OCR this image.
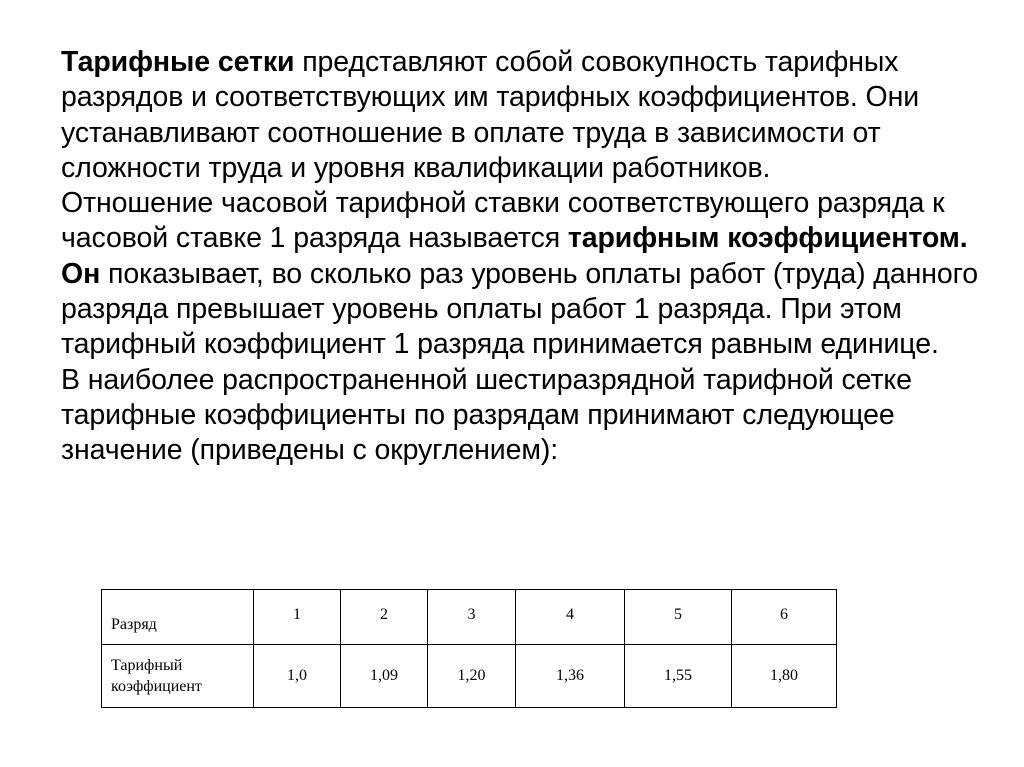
Тарифные сетки представляют собой совокупность тарифных разрядов и соответствующих им тарифных коэффициентов. Они устанавливают соотношение в оплате труда в зависимости от сложности труда и уровня квалификации работников.

Отношение часовой тарифной ставки соответствующего разряда к часовой ставке 1 разряда называется тарифным коэффициентом. Он показывает, во сколько раз уровень оплаты работ (труда) данного разряда превышает уровень оплаты работ 1 разряда. При этом тарифный коэффициент 1 разряда принимается равным единице.

В наиболее распространенной шестиразрядной тарифной сетке тарифные коэффициенты по разрядам принимают следующее значение (приведены с округлением):

Разряд	1	2	3	4	5	6
Тарифный
коэффициент	1,0	1,09	1,20	1,36	1,55	1,80
